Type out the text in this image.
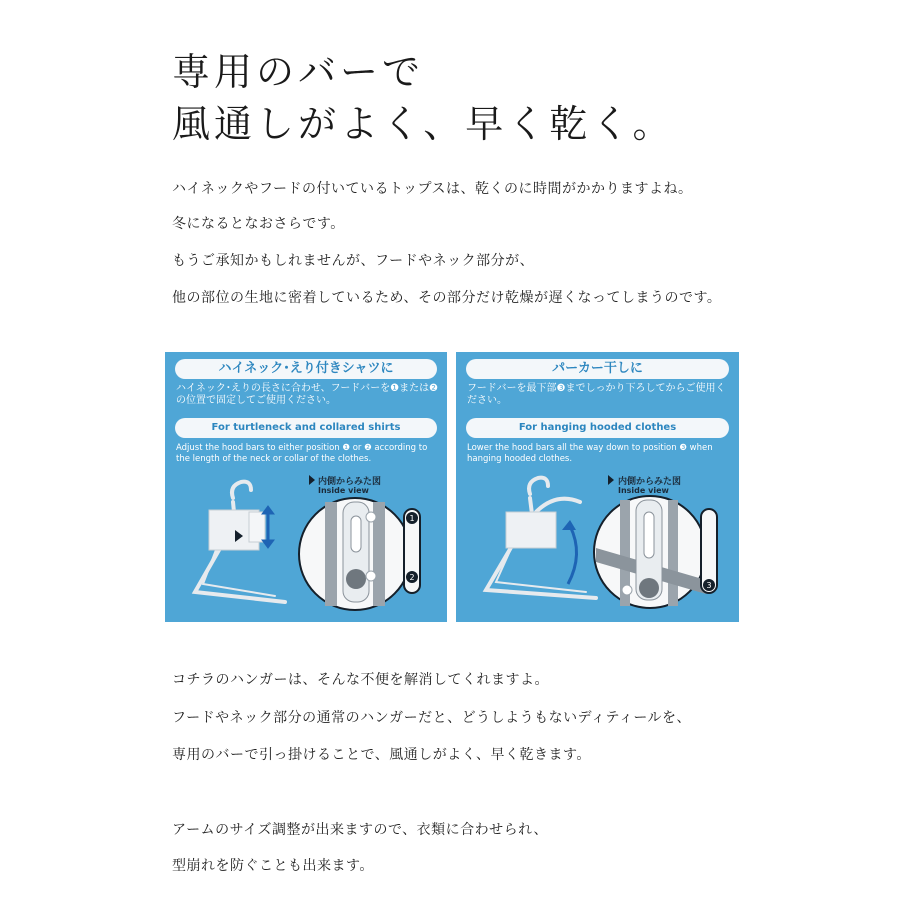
専用のバーで
風通しがよく、早く乾く。

ハイネックやフードの付いているトップスは、乾くのに時間がかかりますよね。

冬になるとなおさらです。

もうご承知かもしれませんが、フードやネック部分が、

他の部位の生地に密着しているため、その部分だけ乾燥が遅くなってしまうのです。

ハイネック･えり付きシャツに

ハイネック･えりの長さに合わせ、フードバーを❶または❷の位置で固定してご使用ください。

For turtleneck and collared shirts

Adjust the hood bars to either position ❶ or ❷ according to the length of the neck or collar of the clothes.

1
2
内側からみた図
Inside view
パーカー干しに

フードバーを最下部❸までしっかり下ろしてからご使用ください。

For hanging hooded clothes

Lower the hood bars all the way down to position ❸ when hanging hooded clothes.

3
内側からみた図
Inside view

コチラのハンガーは、そんな不便を解消してくれますよ。

フードやネック部分の通常のハンガーだと、どうしようもないディティールを、

専用のバーで引っ掛けることで、風通しがよく、早く乾きます。

アームのサイズ調整が出来ますので、衣類に合わせられ、

型崩れを防ぐことも出来ます。
